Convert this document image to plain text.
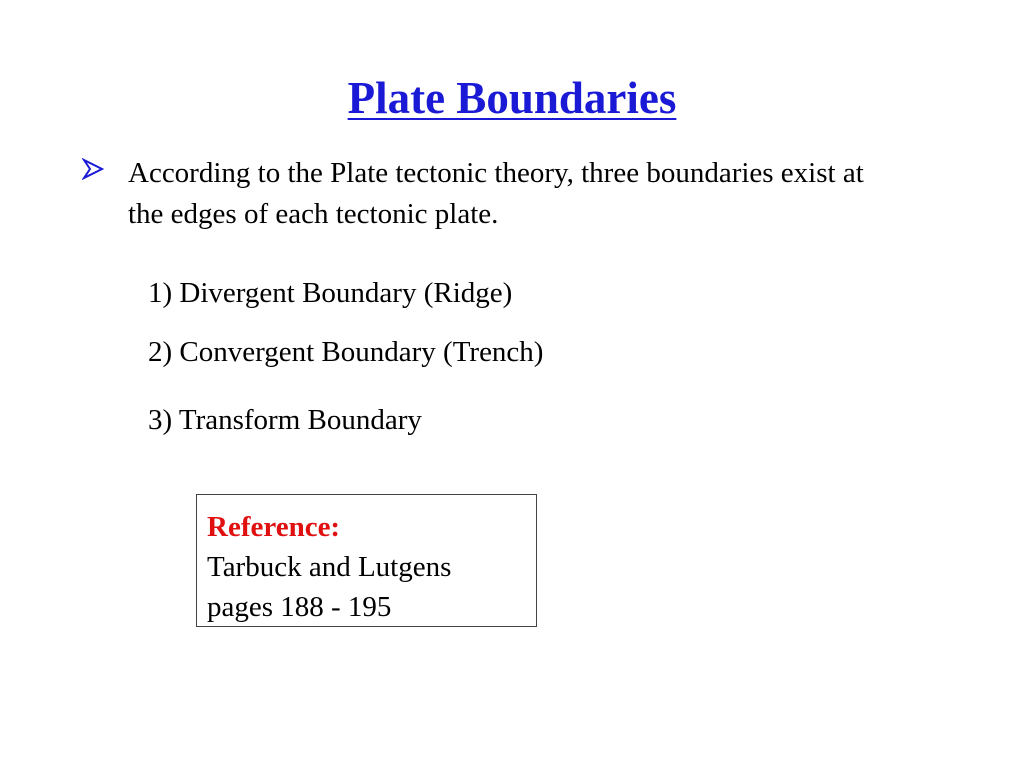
Plate Boundaries
According to the Plate tectonic theory, three boundaries exist at the edges of each tectonic plate.
1) Divergent Boundary (Ridge)
2) Convergent Boundary (Trench)
3) Transform Boundary
Reference:
Tarbuck and Lutgens
pages 188 - 195
